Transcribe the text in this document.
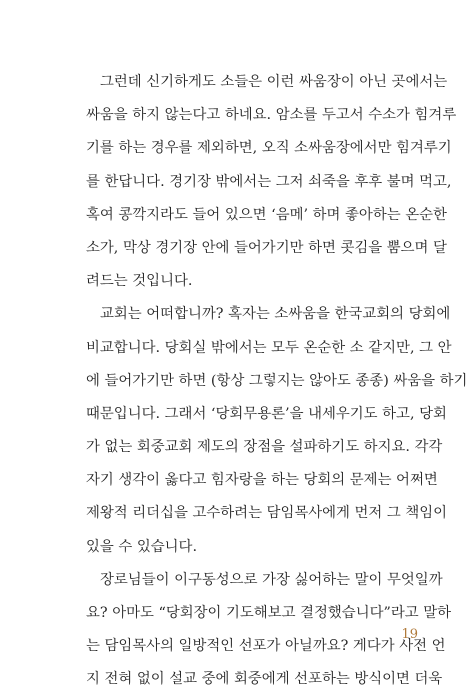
그런데 신기하게도 소들은 이런 싸움장이 아닌 곳에서는
싸움을 하지 않는다고 하네요. 암소를 두고서 수소가 힘겨루
기를 하는 경우를 제외하면, 오직 소싸움장에서만 힘겨루기
를 한답니다. 경기장 밖에서는 그저 쇠죽을 후후 불며 먹고,
혹여 콩깍지라도 들어 있으면 ‘음메’ 하며 좋아하는 온순한
소가, 막상 경기장 안에 들어가기만 하면 콧김을 뿜으며 달
려드는 것입니다.
교회는 어떠합니까? 혹자는 소싸움을 한국교회의 당회에
비교합니다. 당회실 밖에서는 모두 온순한 소 같지만, 그 안
에 들어가기만 하면 (항상 그렇지는 않아도 종종) 싸움을 하기
때문입니다. 그래서 ‘당회무용론’을 내세우기도 하고, 당회
가 없는 회중교회 제도의 장점을 설파하기도 하지요. 각각
자기 생각이 옳다고 힘자랑을 하는 당회의 문제는 어쩌면
제왕적 리더십을 고수하려는 담임목사에게 먼저 그 책임이
있을 수 있습니다.
장로님들이 이구동성으로 가장 싫어하는 말이 무엇일까
요? 아마도 “당회장이 기도해보고 결정했습니다”라고 말하
는 담임목사의 일방적인 선포가 아닐까요? 게다가 사전 언
지 전혀 없이 설교 중에 회중에게 선포하는 방식이면 더욱
19
